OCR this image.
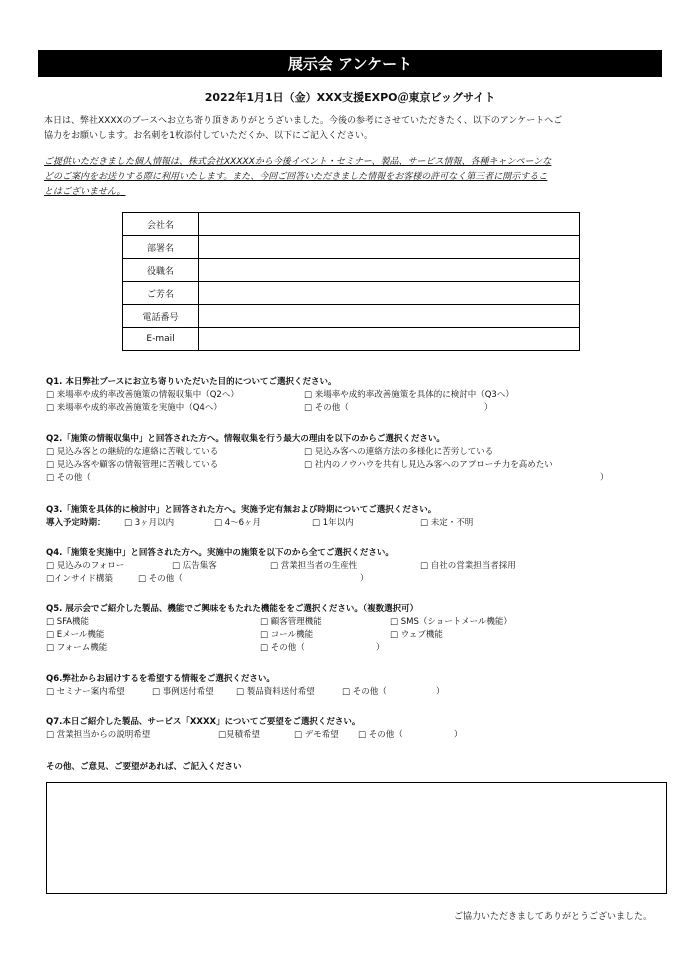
展示会 アンケート
2022年1月1日（金）XXX支援EXPO＠東京ビッグサイト
本日は、弊社XXXXのブースへお立ち寄り頂きありがとうざいました。今後の参考にさせていただきたく、以下のアンケートへご
協力をお願いします。お名刺を1枚添付していただくか、以下にご記入ください。
ご提供いただきました個人情報は、株式会社XXXXXから今後イベント・セミナー、製品、サービス情報、各種キャンペーンな
どのご案内をお送りする際に利用いたします。また、今回ご回答いただきました情報をお客様の許可なく第三者に開示するこ
とはございません。
会社名	
部署名	
役職名	
ご芳名	
電話番号	
E-mail	
Q1. 本日弊社ブースにお立ち寄りいただいた目的についてご選択ください。
□ 来場率や成約率改善施策の情報収集中（Q2へ）	□ 来場率や成約率改善施策を具体的に検討中（Q3へ）
□ 来場率や成約率改善施策を実施中（Q4へ）	□ その他（	）
Q2.「施策の情報収集中」と回答された方へ。情報収集を行う最大の理由を以下のからご選択ください。
□ 見込み客との継続的な連絡に苦戦している	□ 見込み客への連絡方法の多様化に苦労している
□ 見込み客や顧客の情報管理に苦戦している	□ 社内のノウハウを共有し見込み客へのアプローチ力を高めたい
□ その他（	）
Q3.「施策を具体的に検討中」と回答された方へ。実施予定有無および時期についてご選択ください。
導入予定時期： □ 3ヶ月以内	□ 4〜6ヶ月	□ 1年以内	□ 未定・不明
Q4.「施策を実施中」と回答された方へ。実施中の施策を以下のから全てご選択ください。
□ 見込みのフォロー	□ 広告集客	□ 営業担当者の生産性	□ 自社の営業担当者採用
□インサイド構築	□ その他（	）
Q5. 展示会でご紹介した製品、機能でご興味をもたれた機能ををご選択ください。（複数選択可）
□ SFA機能	□ 顧客管理機能	□ SMS（ショートメール機能）
□ Eメール機能	□ コール機能	□ ウェブ機能
□ フォーム機能	□ その他（	）
Q6.弊社からお届けするを希望する情報をご選択ください。
□ セミナー案内希望	□ 事例送付希望	□ 製品資料送付希望	□ その他（	）
Q7.本日ご紹介した製品、サービス「XXXX」についてご要望をご選択ください。
□ 営業担当からの説明希望	□見積希望	□ デモ希望 □ その他（	）
その他、ご意見、ご要望があれば、ご記入ください
ご協力いただきましてありがとうございました。
